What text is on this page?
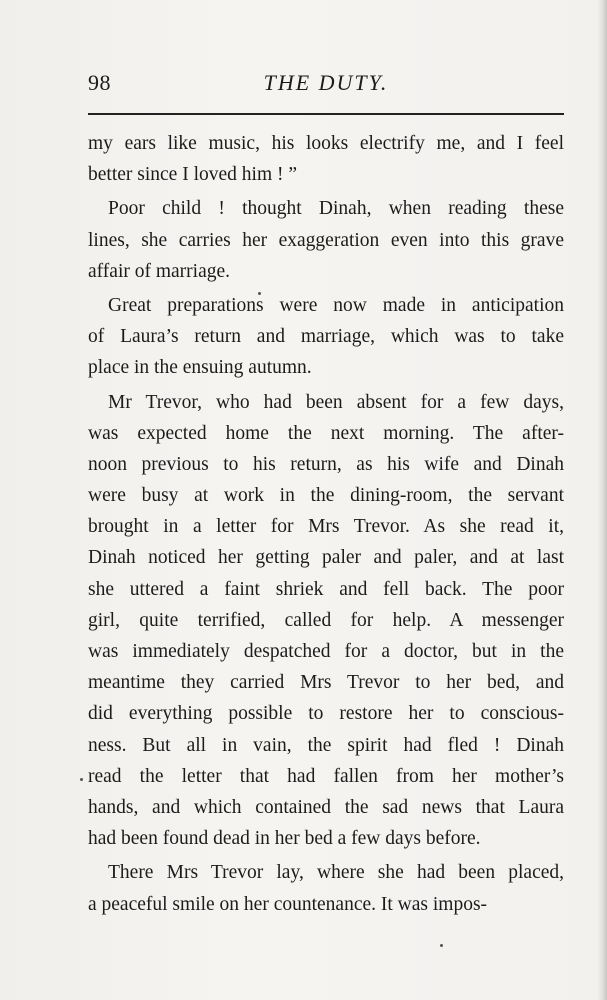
98	THE DUTY.
my ears like music, his looks electrify me, and I feel
better since I loved him ! ”
Poor child ! thought Dinah, when reading these
lines, she carries her exaggeration even into this grave
affair of marriage.
Great preparations were now made in anticipation
of Laura’s return and marriage, which was to take
place in the ensuing autumn.
Mr Trevor, who had been absent for a few days,
was expected home the next morning. The after-
noon previous to his return, as his wife and Dinah
were busy at work in the dining-room, the servant
brought in a letter for Mrs Trevor. As she read it,
Dinah noticed her getting paler and paler, and at last
she uttered a faint shriek and fell back. The poor
girl, quite terrified, called for help. A messenger
was immediately despatched for a doctor, but in the
meantime they carried Mrs Trevor to her bed, and
did everything possible to restore her to conscious-
ness. But all in vain, the spirit had fled ! Dinah
read the letter that had fallen from her mother’s
hands, and which contained the sad news that Laura
had been found dead in her bed a few days before.
There Mrs Trevor lay, where she had been placed,
a peaceful smile on her countenance. It was impos-
